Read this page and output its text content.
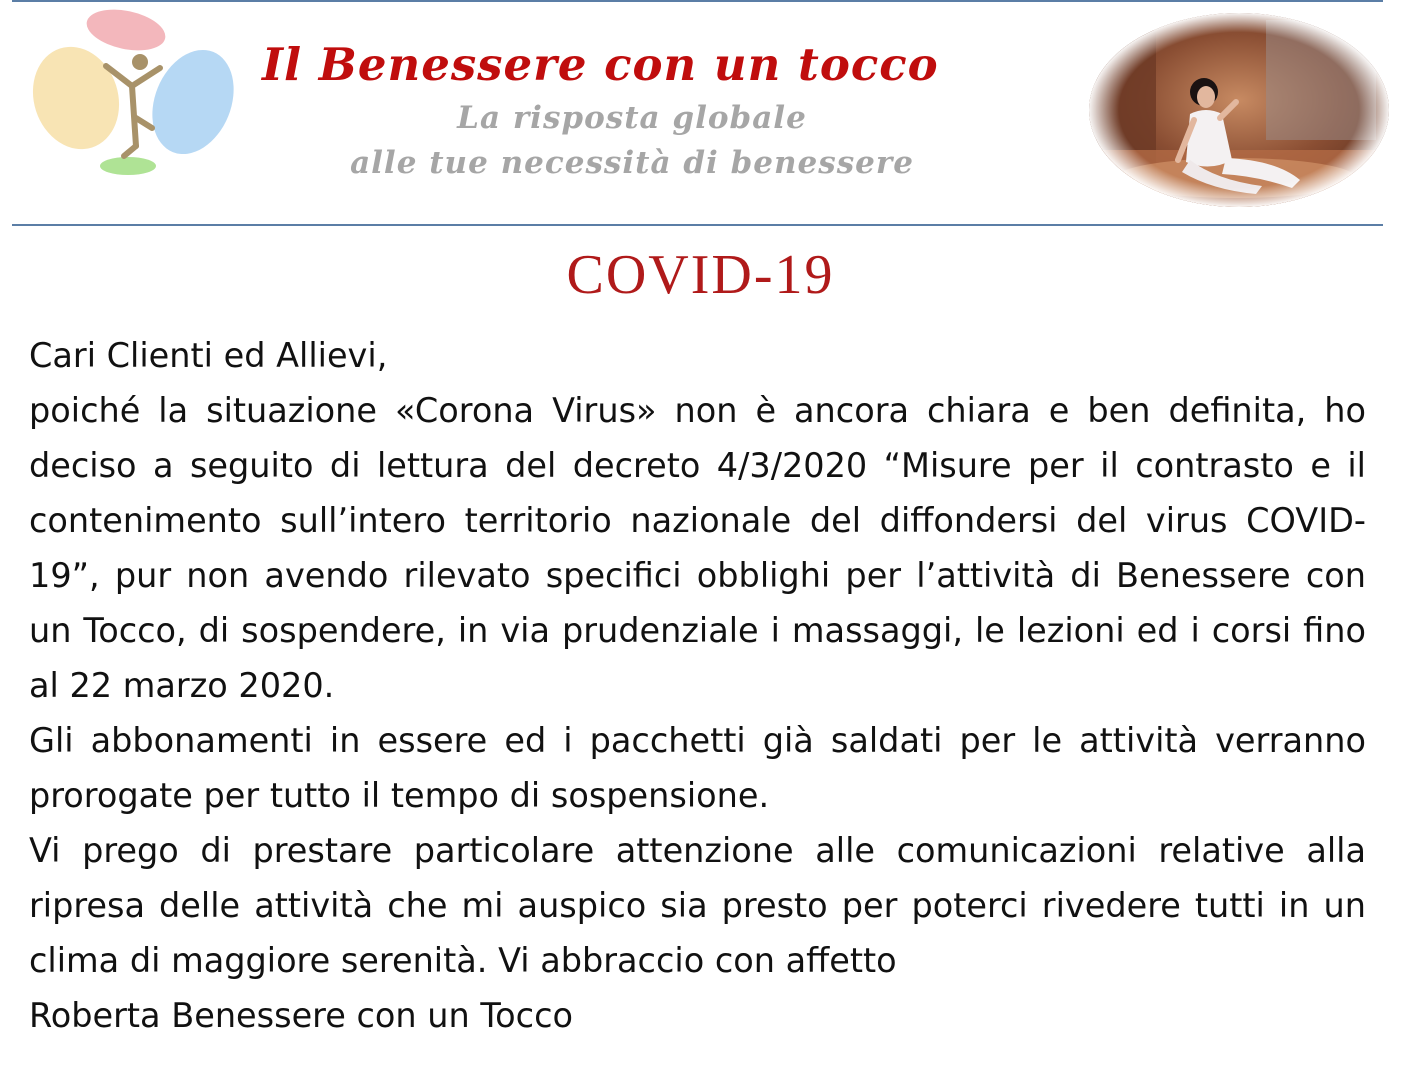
Il Benessere con un tocco
La risposta globale
alle tue necessità di benessere
COVID-19

Cari Clienti ed Allievi,

poiché la situazione «Corona Virus» non è ancora chiara e ben definita, ho deciso a seguito di lettura del decreto 4/3/2020 “Misure per il contrasto e il contenimento sull’intero territorio nazionale del diffondersi del virus COVID-19”, pur non avendo rilevato specifici obblighi per l’attività di Benessere con un Tocco, di sospendere, in via prudenziale i massaggi, le lezioni ed i corsi fino al 22 marzo 2020.

Gli abbonamenti in essere ed i pacchetti già saldati per le attività verranno prorogate per tutto il tempo di sospensione.

Vi prego di prestare particolare attenzione alle comunicazioni relative alla ripresa delle attività che mi auspico sia presto per poterci rivedere tutti in un clima di maggiore serenità. Vi abbraccio con affetto

Roberta Benessere con un Tocco
